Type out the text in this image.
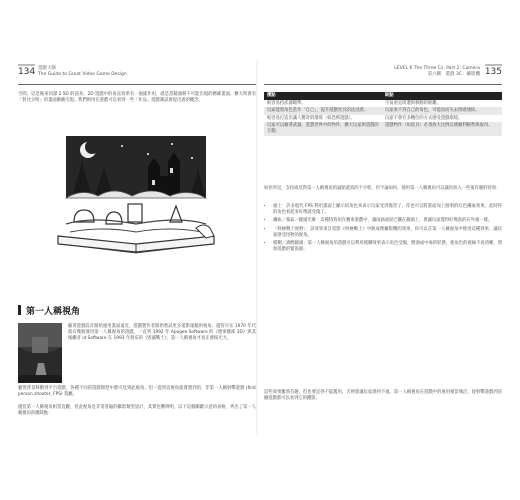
134 遊戲大師
The Guide to Great Video Game Design

空間，這是後來同譯 2.5D 的前身。2D 遊戲中的垂直效果有一個副作用，就是當鏡頭移不可能出現的精確畫面，擴大時會有「對比分明」的畫面漸漸出現。我們則用在遊戲可以看到一些「作品」遊戲測試會提出過的概念。

第一人稱視角

隨著遊戲設計開始運用畫面遠近，遊戲製作者開始嘗試更多電影運鏡的視角。儘管早在 1970 年代就有幾個運用第一人稱視角的遊戲，一直到 1992 年 Apogee Software 的《德軍總部 3D》與其後繼者 id Software 在 1993 年發布的《毀滅戰士》，第一人稱視角才真正發揚光大。

雖然背景移動到平台遊戲，各種不同的遊戲類型中都可見到此視角，但一提到這視角就會想到的，非第一人稱射擊遊戲 (first person shooter, FPS) 莫屬。

儘管第一人稱視角相當直觀，但此視角是非常普遍的攝影類型設計，其實也難辨明，以下這個關鍵示意的表格，列出了第一人稱視角的優缺點：

LEVEL 6 The Three Cs, Part 2: Camera
第六關　遊戲 3C：攝影機 135
優點	缺點
較容易持武器瞄準。	不易看見周遭與移動的距離。
玩家能將角色當作「自己」，提升遊戲更具的沈浸感。	玩家看不到自己的角色，可能因而失去情感連結。
較容易打造出讓人驚奇的環境（如恐怖遊戲）。	玩家不會有多機位的方式感受遊戲環境。
玩家可以藉著武器，遊戲世界中的物件，擴大玩家與遊戲的互動。	遊戲物件（如道具）必須放大比例以便順利瞄準與取用。

如你所見，支持或反對第一人稱視角的論點還真的不少呢，但不論如何，使用第一人稱視角可以讓你加入一些很有趣的特效：

• 頭上：許多現代 FPS 利用畫面上顯示的角色來表示玩家受到傷害了，你也可以將畫面加上鮮明的紅色濺血效果，此時你的角色看起來好像就受傷了。
• 濺血／霧氣／鏡頭光暈：這種特效用在賽車遊戲中，讓雨滴或泥巴濺在鏡頭上，會讓玩家覺得好像真的在外頭一樣。
• 「終極戰士視野」：該效果來自電影《終極戰士》中熱成像攝影機的效果，你可以在第一人稱視角中使用這種效果，讓玩家感受怪物的視角。
• 模糊／酒醉鏡頭：第一人稱視角的遊戲可以利用模糊效果表示角色受傷、醉酒或中毒的狀態，使角色的視線不再清晰，增加遊戲的緊張感。

這些效果雖然有趣，但也要記得不能濫用，否則會讓玩家感到不適。第一人稱視角在遊戲中的運用相當廣泛，從射擊遊戲到冒險遊戲都可以看到它的蹤影。
